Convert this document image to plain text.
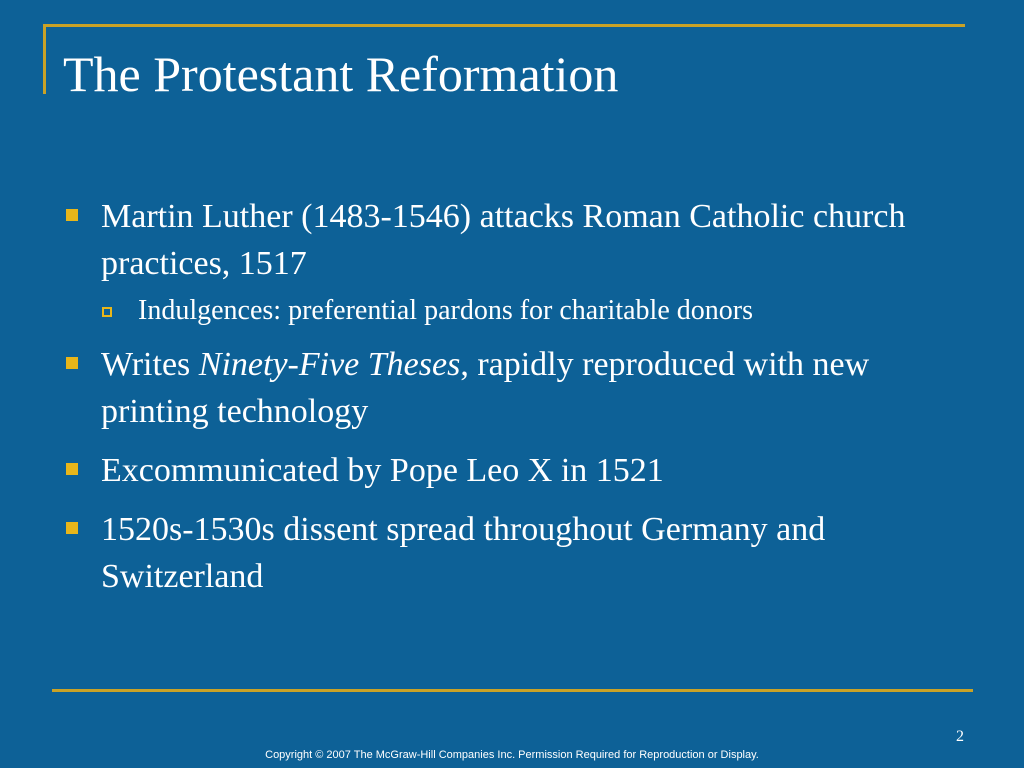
The Protestant Reformation
Martin Luther (1483-1546) attacks Roman Catholic church practices, 1517
Indulgences: preferential pardons for charitable donors
Writes Ninety-Five Theses, rapidly reproduced with new printing technology
Excommunicated by Pope Leo X in 1521
1520s-1530s dissent spread throughout Germany and Switzerland
2
Copyright © 2007 The McGraw-Hill Companies Inc. Permission Required for Reproduction or Display.
